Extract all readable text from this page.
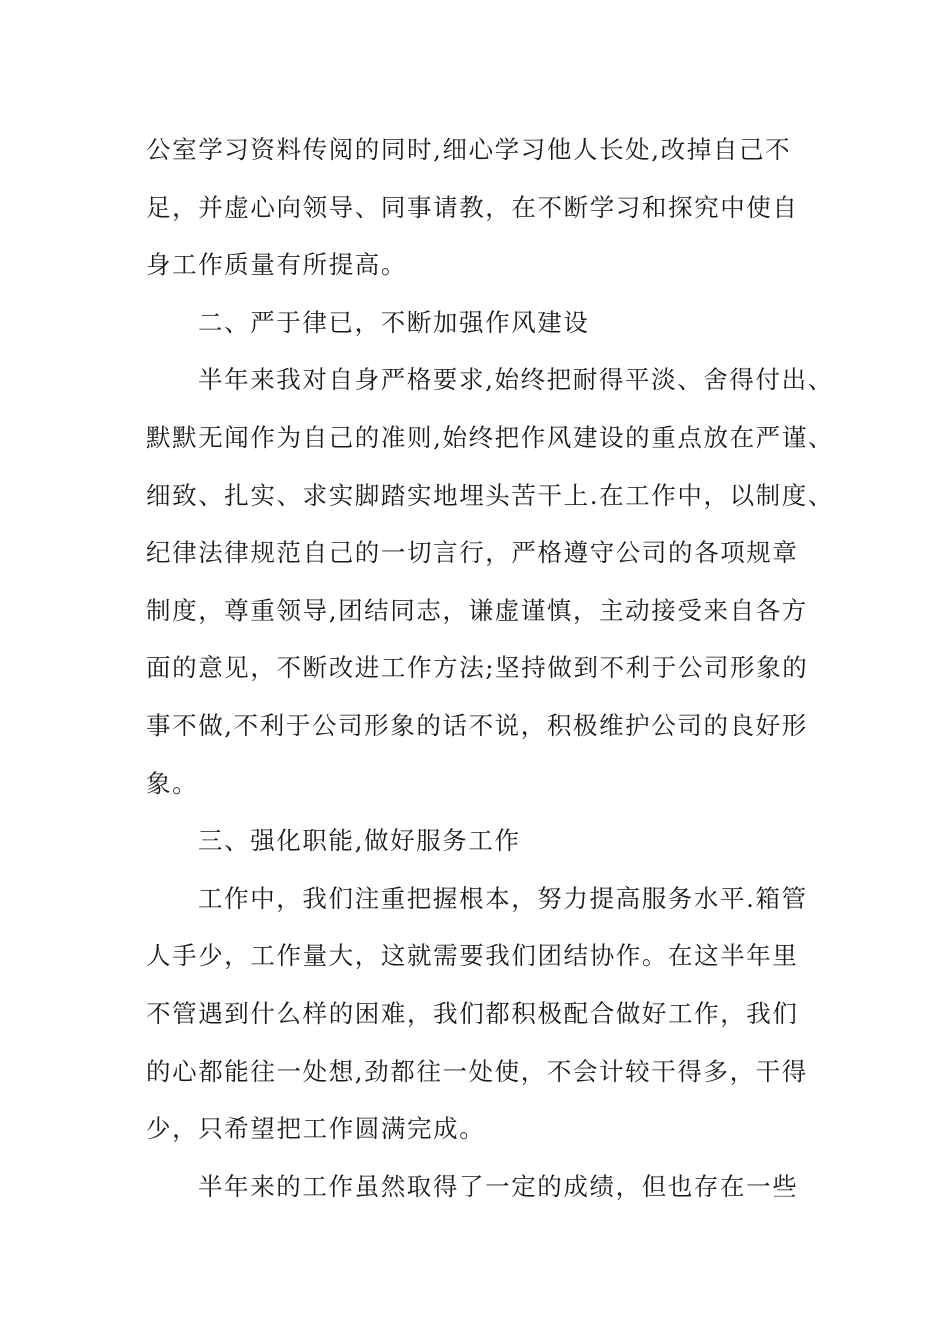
公室学习资料传阅的同时,细心学习他人长处,改掉自己不
足，并虚心向领导、同事请教，在不断学习和探究中使自
身工作质量有所提高。
二、严于律已，不断加强作风建设
半年来我对自身严格要求,始终把耐得平淡、舍得付出、
默默无闻作为自己的准则,始终把作风建设的重点放在严谨、
细致、扎实、求实脚踏实地埋头苦干上.在工作中，以制度、
纪律法律规范自己的一切言行，严格遵守公司的各项规章
制度，尊重领导,团结同志，谦虚谨慎，主动接受来自各方
面的意见，不断改进工作方法;坚持做到不利于公司形象的
事不做,不利于公司形象的话不说，积极维护公司的良好形
象。
三、强化职能,做好服务工作
工作中，我们注重把握根本，努力提高服务水平.箱管
人手少，工作量大，这就需要我们团结协作。在这半年里
不管遇到什么样的困难，我们都积极配合做好工作，我们
的心都能往一处想,劲都往一处使，不会计较干得多，干得
少，只希望把工作圆满完成。
半年来的工作虽然取得了一定的成绩，但也存在一些
